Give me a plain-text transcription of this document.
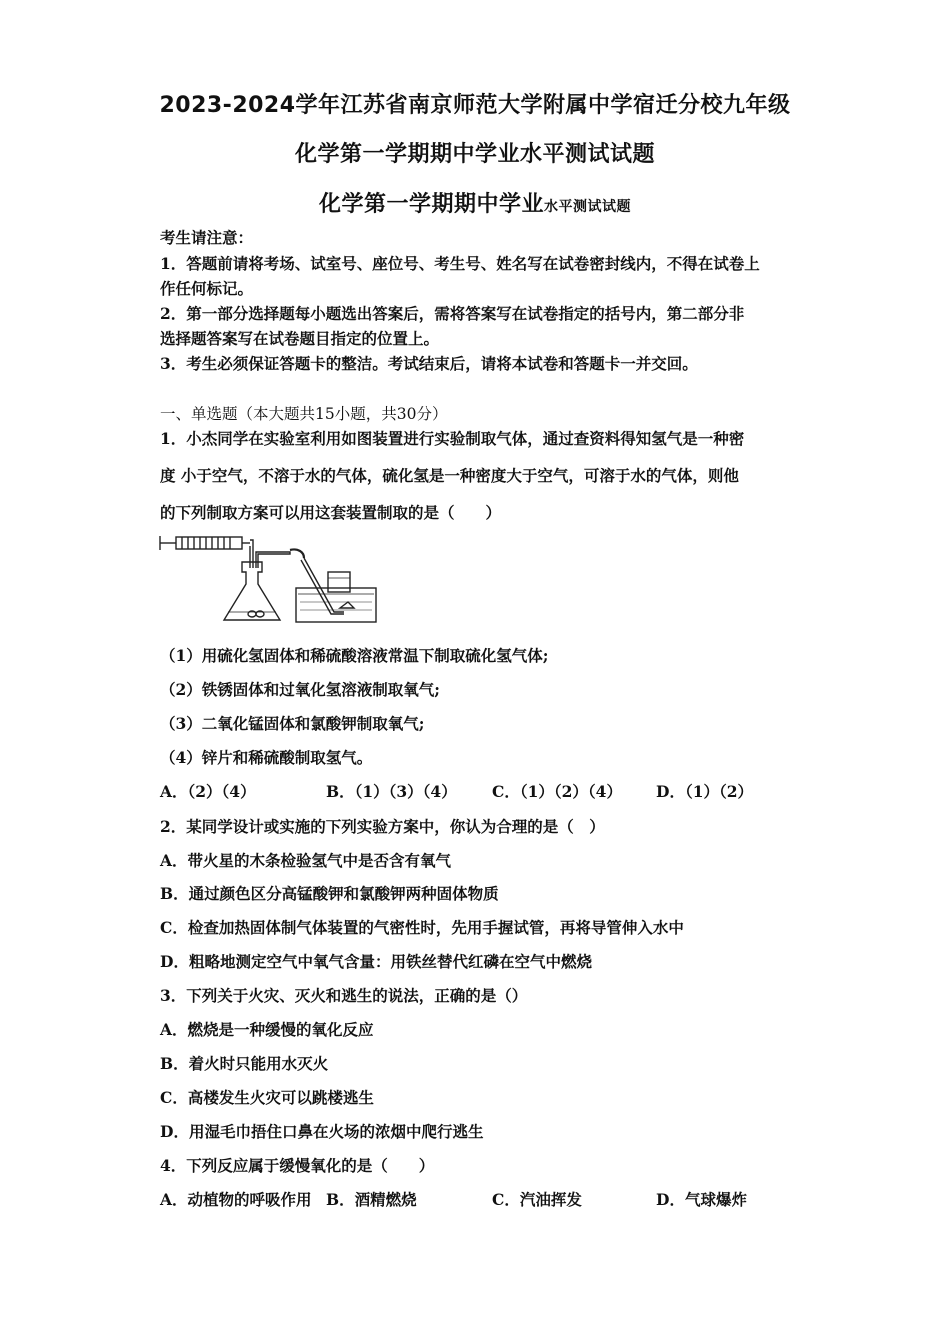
2023-2024学年江苏省南京师范大学附属中学宿迁分校九年级
化学第一学期期中学业水平测试试题
化学第一学期期中学业水平测试试题
考生请注意：
1．答题前请将考场、试室号、座位号、考生号、姓名写在试卷密封线内，不得在试卷上
作任何标记。
2．第一部分选择题每小题选出答案后，需将答案写在试卷指定的括号内，第二部分非
选择题答案写在试卷题目指定的位置上。
3．考生必须保证答题卡的整洁。考试结束后，请将本试卷和答题卡一并交回。
一、单选题（本大题共15小题，共30分）
1．小杰同学在实验室利用如图装置进行实验制取气体，通过查资料得知氢气是一种密
度 小于空气，不溶于水的气体，硫化氢是一种密度大于空气，可溶于水的气体，则他
的下列制取方案可以用这套装置制取的是（　　）
（1）用硫化氢固体和稀硫酸溶液常温下制取硫化氢气体;
（2）铁锈固体和过氧化氢溶液制取氧气;
（3）二氧化锰固体和氯酸钾制取氧气;
（4）锌片和稀硫酸制取氢气。
A．（2）（4）	B．（1）（3）（4） C．（1）（2）（4） D．（1）（2）
2．某同学设计或实施的下列实验方案中，你认为合理的是（　）
A．带火星的木条检验氢气中是否含有氧气
B．通过颜色区分高锰酸钾和氯酸钾两种固体物质
C．检查加热固体制气体装置的气密性时，先用手握试管，再将导管伸入水中
D．粗略地测定空气中氧气含量：用铁丝替代红磷在空气中燃烧
3．下列关于火灾、灭火和逃生的说法，正确的是（）
A．燃烧是一种缓慢的氧化反应
B．着火时只能用水灭火
C．高楼发生火灾可以跳楼逃生
D．用湿毛巾捂住口鼻在火场的浓烟中爬行逃生
4．下列反应属于缓慢氧化的是（　　）
A．动植物的呼吸作用 B．酒精燃烧	C．汽油挥发	D．气球爆炸
